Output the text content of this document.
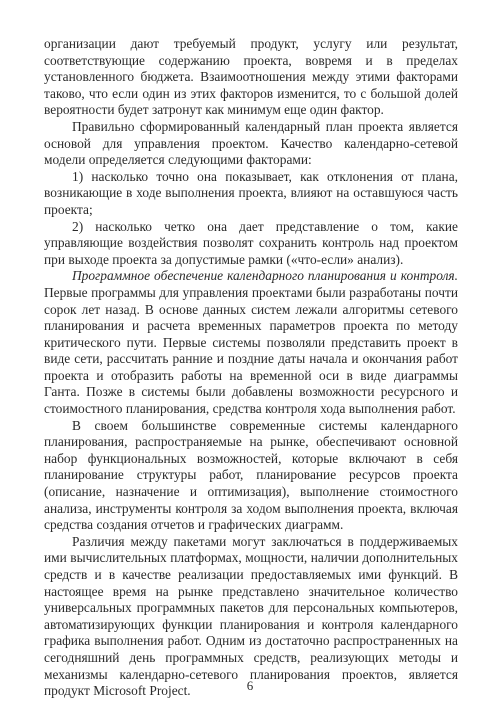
организации дают требуемый продукт, услугу или результат, соответствующие содержанию проекта, вовремя и в пределах установленного бюджета. Взаимоотношения между этими факторами таково, что если один из этих факторов изменится, то с большой долей вероятности будет затронут как минимум еще один фактор.

Правильно сформированный календарный план проекта является основой для управления проектом. Качество календарно-сетевой модели определяется следующими факторами:

1) насколько точно она показывает, как отклонения от плана, возникающие в ходе выполнения проекта, влияют на оставшуюся часть проекта;

2) насколько четко она дает представление о том, какие управляющие воздействия позволят сохранить контроль над проектом при выходе проекта за допустимые рамки («что-если» анализ).

Программное обеспечение календарного планирования и контроля. Первые программы для управления проектами были разработаны почти сорок лет назад. В основе данных систем лежали алгоритмы сетевого планирования и расчета временных параметров проекта по методу критического пути. Первые системы позволяли представить проект в виде сети, рассчитать ранние и поздние даты начала и окончания работ проекта и отобразить работы на временной оси в виде диаграммы Ганта. Позже в системы были добавлены возможности ресурсного и стоимостного планирования, средства контроля хода выполнения работ.

В своем большинстве современные системы календарного планирования, распространяемые на рынке, обеспечивают основной набор функциональных возможностей, которые включают в себя планирование структуры работ, планирование ресурсов проекта (описание, назначение и оптимизация), выполнение стоимостного анализа, инструменты контроля за ходом выполнения проекта, включая средства создания отчетов и графических диаграмм.

Различия между пакетами могут заключаться в поддерживаемых ими вычислительных платформах, мощности, наличии дополнительных средств и в качестве реализации предоставляемых ими функций. В настоящее время на рынке представлено значительное количество универсальных программных пакетов для персональных компьютеров, автоматизирующих функции планирования и контроля календарного графика выполнения работ. Одним из достаточно распространенных на сегодняшний день программных средств, реализующих методы и механизмы календарно-сетевого планирования проектов, является продукт Microsoft Project.	6
